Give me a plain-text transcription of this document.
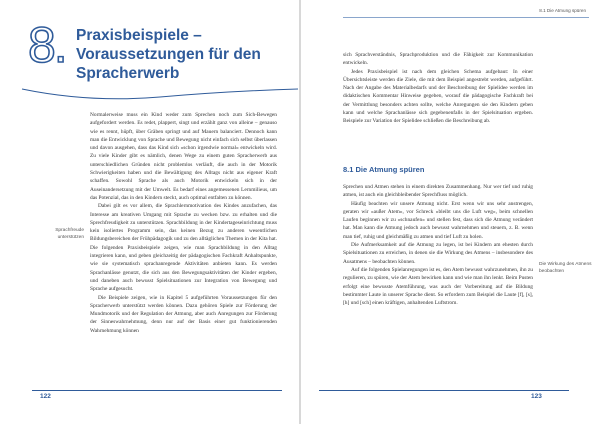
8. Praxisbeispiele – Voraussetzungen für den Spracherwerb
Sprachfreude unterstützen

Normalerweise muss ein Kind weder zum Sprechen noch zum Sich-Bewegen aufgefordert werden. Es redet, plappert, singt und erzählt ganz von alleine – genauso wie es rennt, hüpft, über Gräben springt und auf Mauern balanciert. Dennoch kann man die Entwicklung von Sprache und Bewegung nicht einfach sich selbst überlassen und davon ausgehen, dass das Kind sich »schon irgendwie normal« entwickeln wird. Zu viele Kinder gibt es nämlich, denen Wege zu einem guten Spracherwerb aus unterschiedlichen Gründen nicht problemlos verläuft, die auch in der Motorik Schwierigkeiten haben und die Bewältigung des Alltags nicht aus eigener Kraft schaffen. Sowohl Sprache als auch Motorik entwickeln sich in der Auseinandersetzung mit der Umwelt. Es bedarf eines angemessenen Lernmilieus, um das Potenzial, das in den Kindern steckt, auch optimal entfalten zu können.

Dabei gilt es vor allem, die Sprachlernmotivation des Kindes anzufachen, das Interesse am kreativen Umgang mit Sprache zu wecken bzw. zu erhalten und die Sprechfreudigkeit zu unterstützen. Sprachbildung in der Kindertageseinrichtung muss kein isoliertes Programm sein, das keinen Bezug zu anderen wesentlichen Bildungsbereichen der Frühpädagogik und zu den alltäglichen Themen in der Kita hat. Die folgenden Praxisbeispiele zeigen, wie man Sprachbildung in den Alltag integrieren kann, und geben gleichzeitig der pädagogischen Fachkraft Anhaltspunkte, wie sie systematisch sprachanregende Aktivitäten anbieten kann. Es werden Sprachanlässe genutzt, die sich aus den Bewegungsaktivitäten der Kinder ergeben, und daneben auch bewusst Spielsituationen zur Integration von Bewegung und Sprache aufgesucht.

Die Beispiele zeigen, wie in Kapitel 5 aufgeführten Voraussetzungen für den Spracherwerb unterstützt werden können. Dazu gehören Spiele zur Förderung der Mundmotorik und der Regulation der Atmung, aber auch Anregungen zur Förderung der Sinneswahrnehmung, denn nur auf der Basis einer gut funktionierenden Wahrnehmung können

122
8.1 Die Atmung spüren

sich Sprachverständnis, Sprachproduktion und die Fähigkeit zur Kommunikation entwickeln.

Jedes Praxisbeispiel ist nach dem gleichen Schema aufgebaut: In einer Übersichtsleiste werden die Ziele, die mit dem Beispiel angestrebt werden, aufgeführt. Nach der Angabe des Materialbedarfs und der Beschreibung der Spielidee werden im didaktischen Kommentar Hinweise gegeben, worauf die pädagogische Fachkraft bei der Vermittlung besonders achten sollte, welche Anregungen sie den Kindern geben kann und welche Sprachanlässe sich gegebenenfalls in der Spielsituation ergeben. Beispiele zur Variation der Spielidee schließen die Beschreibung ab.

8.1 Die Atmung spüren

Sprechen und Atmen stehen in einem direkten Zusammenhang. Nur wer tief und ruhig atmen, ist auch ein gleichbleibender Sprechfluss möglich.

Häufig beachten wir unsere Atmung nicht. Erst wenn wir uns sehr anstrengen, geraten wir »außer Atem«, vor Schreck »bleibt uns die Luft weg«, beim schnellen Laufen beginnen wir zu »schnaufen« und stellen fest, dass sich die Atmung verändert hat. Man kann die Atmung jedoch auch bewusst wahrnehmen und steuern, z. B. wenn man tief, ruhig und gleichmäßig zu atmen und tief Luft zu holen.

Die Aufmerksamkeit auf die Atmung zu legen, ist bei Kindern am ehesten durch Spielsituationen zu erreichen, in denen sie die Wirkung des Atmens – insbesondere des Ausatmens – beobachten können.

Auf die folgenden Spielanregungen ist es, den Atem bewusst wahrzunehmen, ihn zu regulieren, zu spüren, wie der Atem bewirken kann und wie man ihn lenkt. Beim Pusten erfolgt eine bewusste Atemführung, was auch der Vorbereitung auf die Bildung bestimmter Laute in unserer Sprache dient. So erfordern zum Beispiel die Laute [f], [s], [h] und [sch] einen kräftigen, anhaltenden Luftstrom.

Die Wirkung des Atmens beobachten
123
